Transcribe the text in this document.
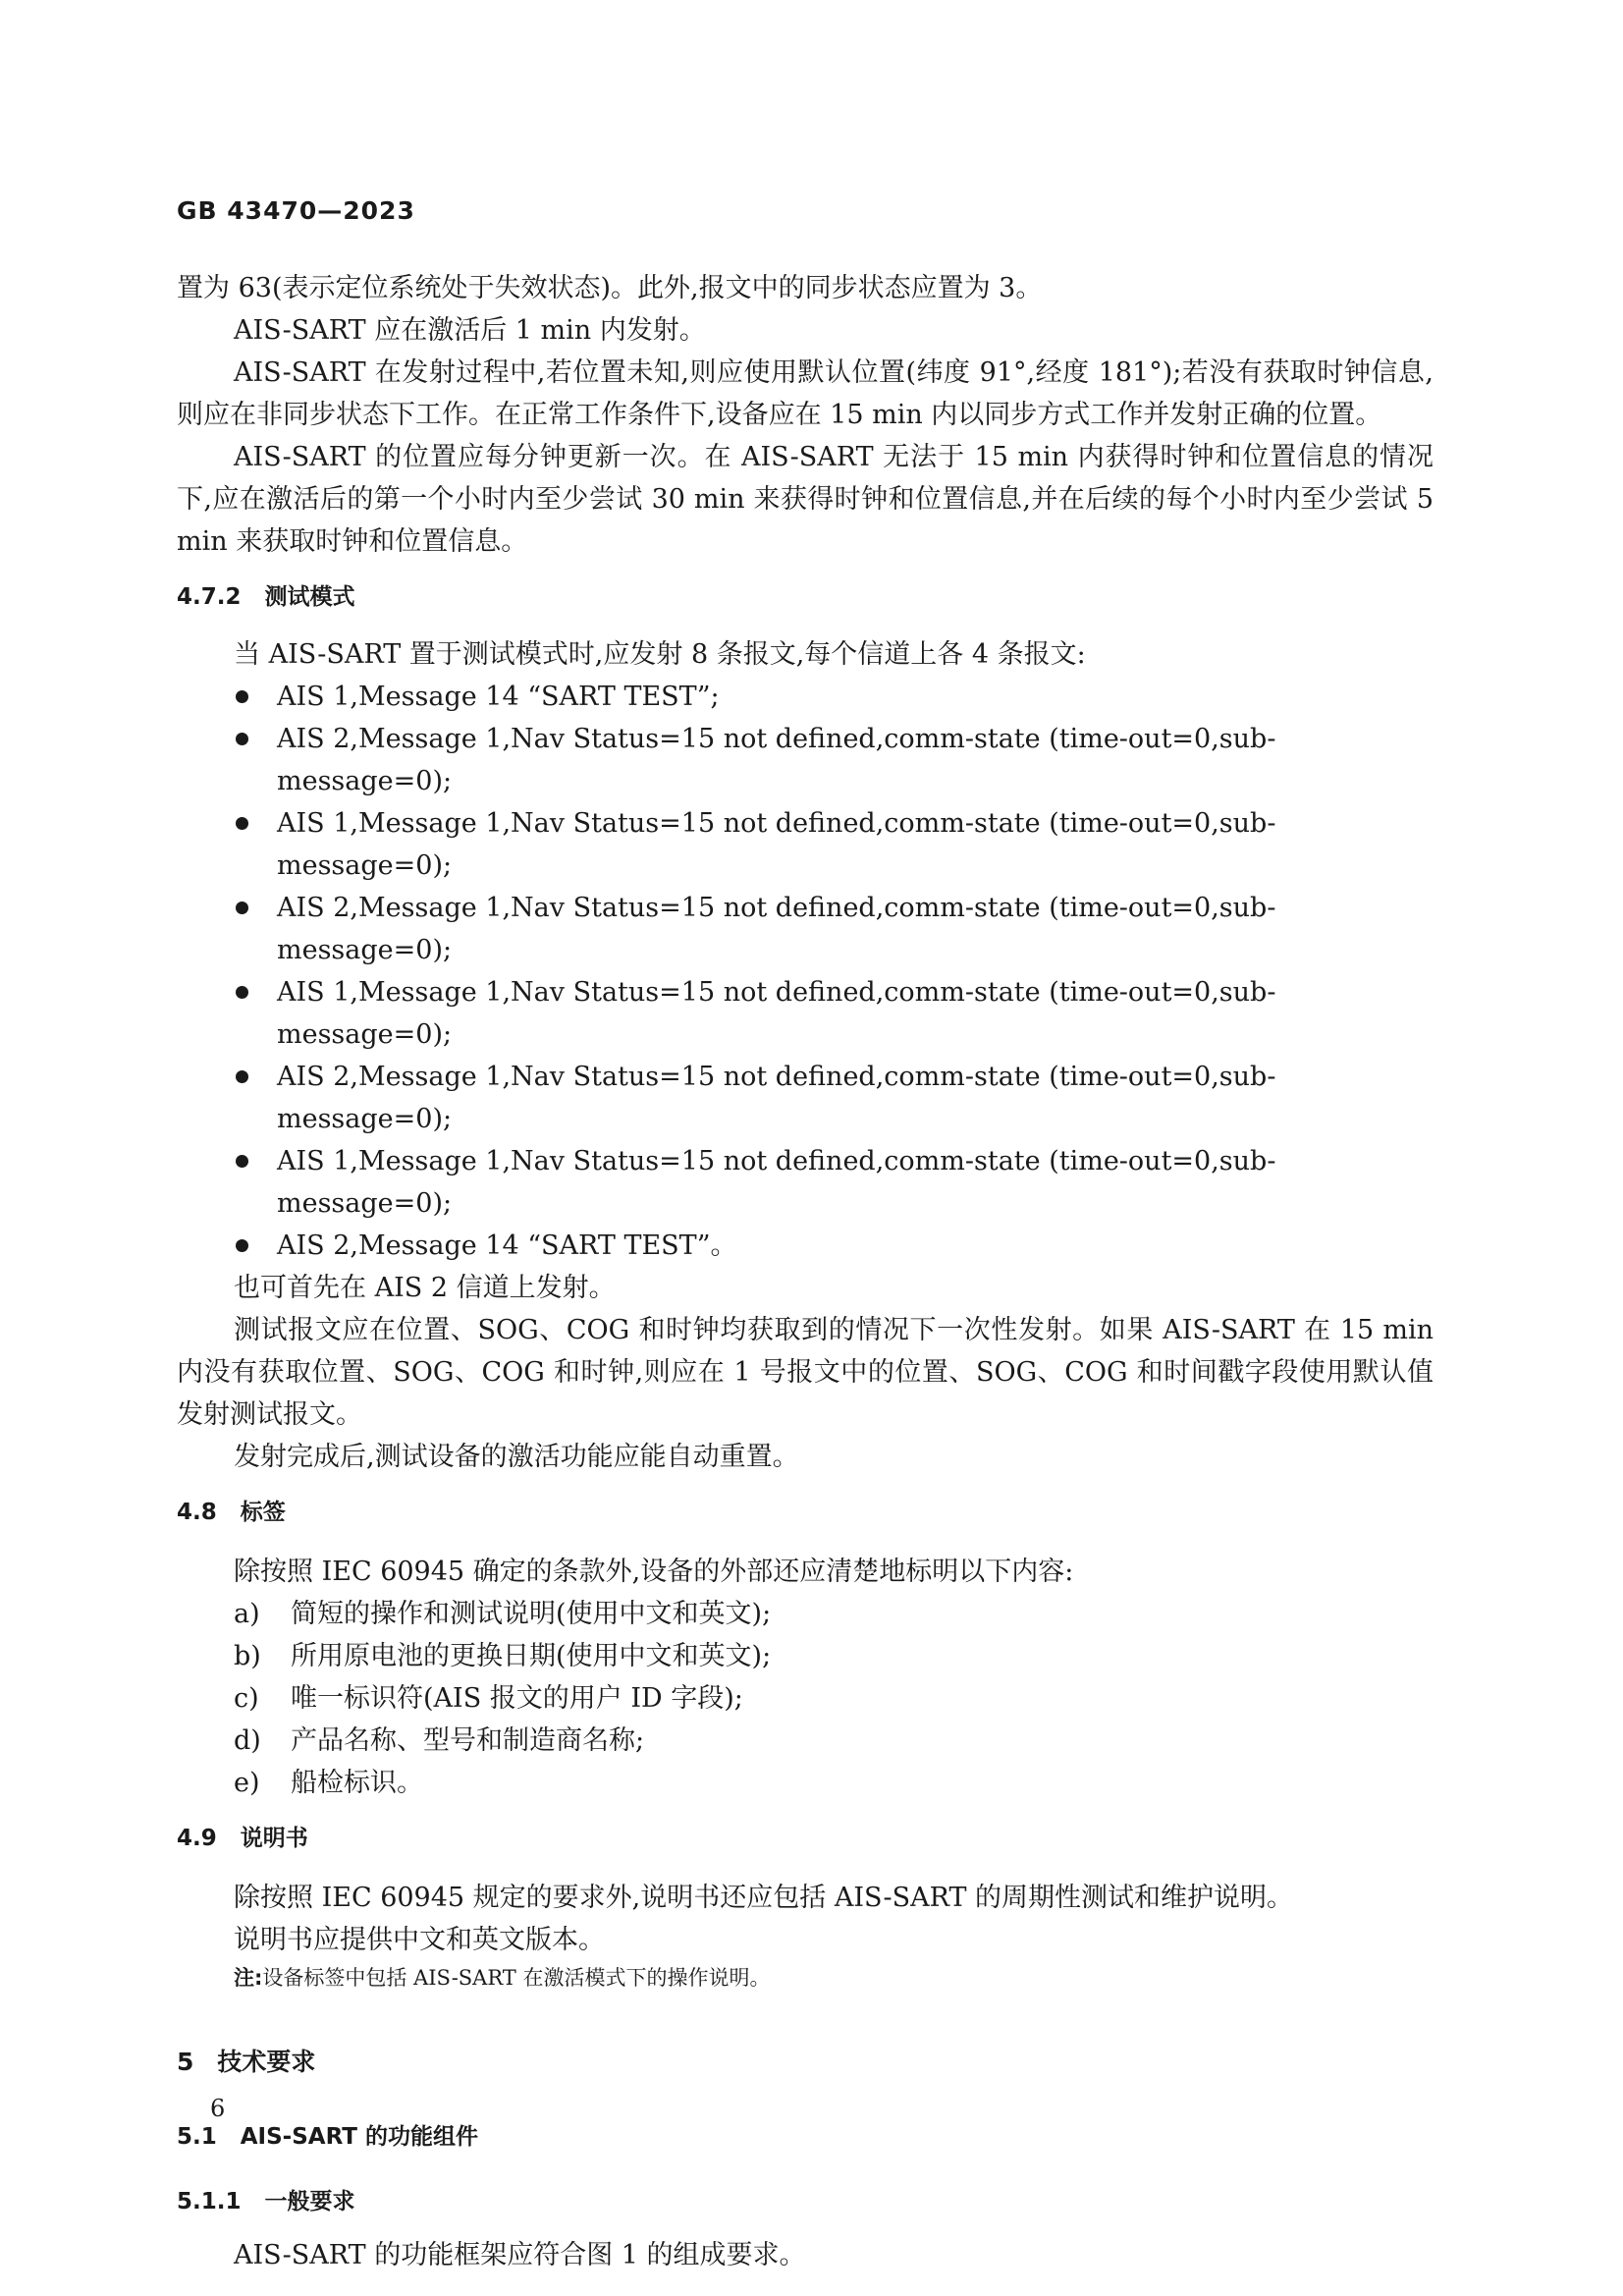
GB 43470—2023

置为 63(表示定位系统处于失效状态)。此外,报文中的同步状态应置为 3。

AIS-SART 应在激活后 1 min 内发射。

AIS-SART 在发射过程中,若位置未知,则应使用默认位置(纬度 91°,经度 181°);若没有获取时钟信息,则应在非同步状态下工作。在正常工作条件下,设备应在 15 min 内以同步方式工作并发射正确的位置。

AIS-SART 的位置应每分钟更新一次。在 AIS-SART 无法于 15 min 内获得时钟和位置信息的情况下,应在激活后的第一个小时内至少尝试 30 min 来获得时钟和位置信息,并在后续的每个小时内至少尝试 5 min 来获取时钟和位置信息。

4.7.2 测试模式

当 AIS-SART 置于测试模式时,应发射 8 条报文,每个信道上各 4 条报文:

AIS 1,Message 14 “SART TEST”;
AIS 2,Message 1,Nav Status=15 not defined,comm-state (time-out=0,sub-message=0);
AIS 1,Message 1,Nav Status=15 not defined,comm-state (time-out=0,sub-message=0);
AIS 2,Message 1,Nav Status=15 not defined,comm-state (time-out=0,sub-message=0);
AIS 1,Message 1,Nav Status=15 not defined,comm-state (time-out=0,sub-message=0);
AIS 2,Message 1,Nav Status=15 not defined,comm-state (time-out=0,sub-message=0);
AIS 1,Message 1,Nav Status=15 not defined,comm-state (time-out=0,sub-message=0);
AIS 2,Message 14 “SART TEST”。

也可首先在 AIS 2 信道上发射。

测试报文应在位置、SOG、COG 和时钟均获取到的情况下一次性发射。如果 AIS-SART 在 15 min 内没有获取位置、SOG、COG 和时钟,则应在 1 号报文中的位置、SOG、COG 和时间戳字段使用默认值发射测试报文。

发射完成后,测试设备的激活功能应能自动重置。

4.8 标签

除按照 IEC 60945 确定的条款外,设备的外部还应清楚地标明以下内容:

a) 简短的操作和测试说明(使用中文和英文);
b) 所用原电池的更换日期(使用中文和英文);
c) 唯一标识符(AIS 报文的用户 ID 字段);
d) 产品名称、型号和制造商名称;
e) 船检标识。
4.9 说明书

除按照 IEC 60945 规定的要求外,说明书还应包括 AIS-SART 的周期性测试和维护说明。

说明书应提供中文和英文版本。

注:设备标签中包括 AIS-SART 在激活模式下的操作说明。
5 技术要求
5.1 AIS-SART 的功能组件
5.1.1 一般要求

AIS-SART 的功能框架应符合图 1 的组成要求。

6
